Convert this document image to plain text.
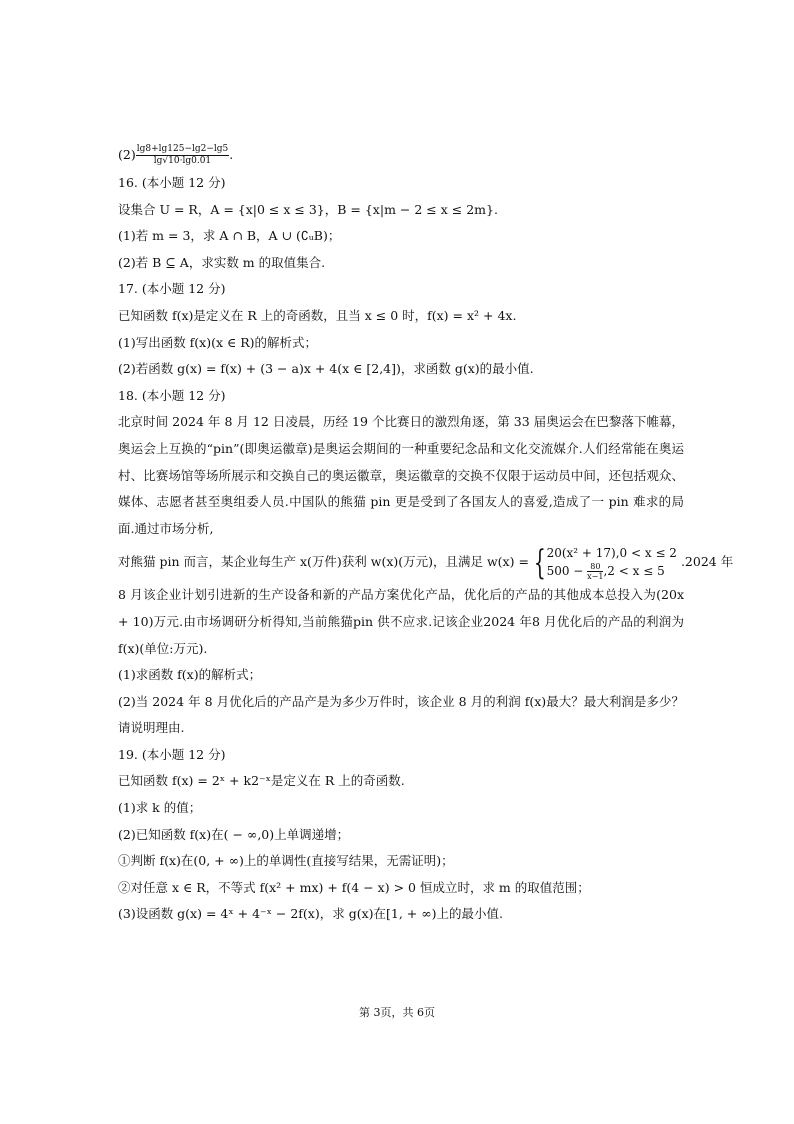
$(2) \frac{\lg 8+\lg 125-\lg 2-\lg 5}{\lg√10\cdot\lg 0.01}$ .
16. (本小题 12 分)
设集合 U = R，A = {x|0 ≤ x ≤ 3}，B = {x|m − 2 ≤ x ≤ 2m}.
(1)若 m = 3，求 A ∩ B，A ∪ (∁ᵤB)；
(2)若 B ⊆ A，求实数 m 的取值集合.
17. (本小题 12 分)
已知函数 f(x)是定义在 R 上的奇函数，且当 x ≤ 0 时，f(x) = x² + 4x.
(1)写出函数 f(x)(x ∈ R)的解析式；
(2)若函数 g(x) = f(x) + (3 − a)x + 4(x ∈ [2,4])，求函数 g(x)的最小值.
18. (本小题 12 分)
北京时间 2024 年 8 月 12 日凌晨，历经 19 个比赛日的激烈角逐，第 33 届奥运会在巴黎落下帷幕，奥运会上互换的“pin”(即奥运徽章)是奥运会期间的一种重要纪念品和文化交流媒介.人们经常能在奥运村、比赛场馆等场所展示和交换自己的奥运徽章，奥运徽章的交换不仅限于运动员中间，还包括观众、媒体、志愿者甚至奥组委人员.中国队的熊猫 pin 更是受到了各国友人的喜爱,造成了一 pin 难求的局面.通过市场分析,
对熊猫 pin 而言，某企业每生产 x(万件)获利 w(x)(万元)，且满足 w(x) = { 20(x² + 17),0 < x ≤ 2
$500 - \frac{80}{x-1} ,2 < x \le 5$
.2024 年
8 月该企业计划引进新的生产设备和新的产品方案优化产品，优化后的产品的其他成本总投入为(20x + 10)万元.由市场调研分析得知,当前熊猫pin 供不应求.记该企业2024 年8 月优化后的产品的利润为f(x)(单位:万元).
(1)求函数 f(x)的解析式；
(2)当 2024 年 8 月优化后的产品产是为多少万件时，该企业 8 月的利润 f(x)最大？最大利润是多少？请说明理由.
19. (本小题 12 分)
已知函数 f(x) = 2ˣ + k2⁻ˣ是定义在 R 上的奇函数.
(1)求 k 的值；
(2)已知函数 f(x)在( − ∞,0)上单调递增；
①判断 f(x)在(0, + ∞)上的单调性(直接写结果，无需证明)；
②对任意 x ∈ R，不等式 f(x² + mx) + f(4 − x) > 0 恒成立时，求 m 的取值范围；
(3)设函数 g(x) = 4ˣ + 4⁻ˣ − 2f(x)，求 g(x)在[1, + ∞)上的最小值.
第 3页，共 6页
